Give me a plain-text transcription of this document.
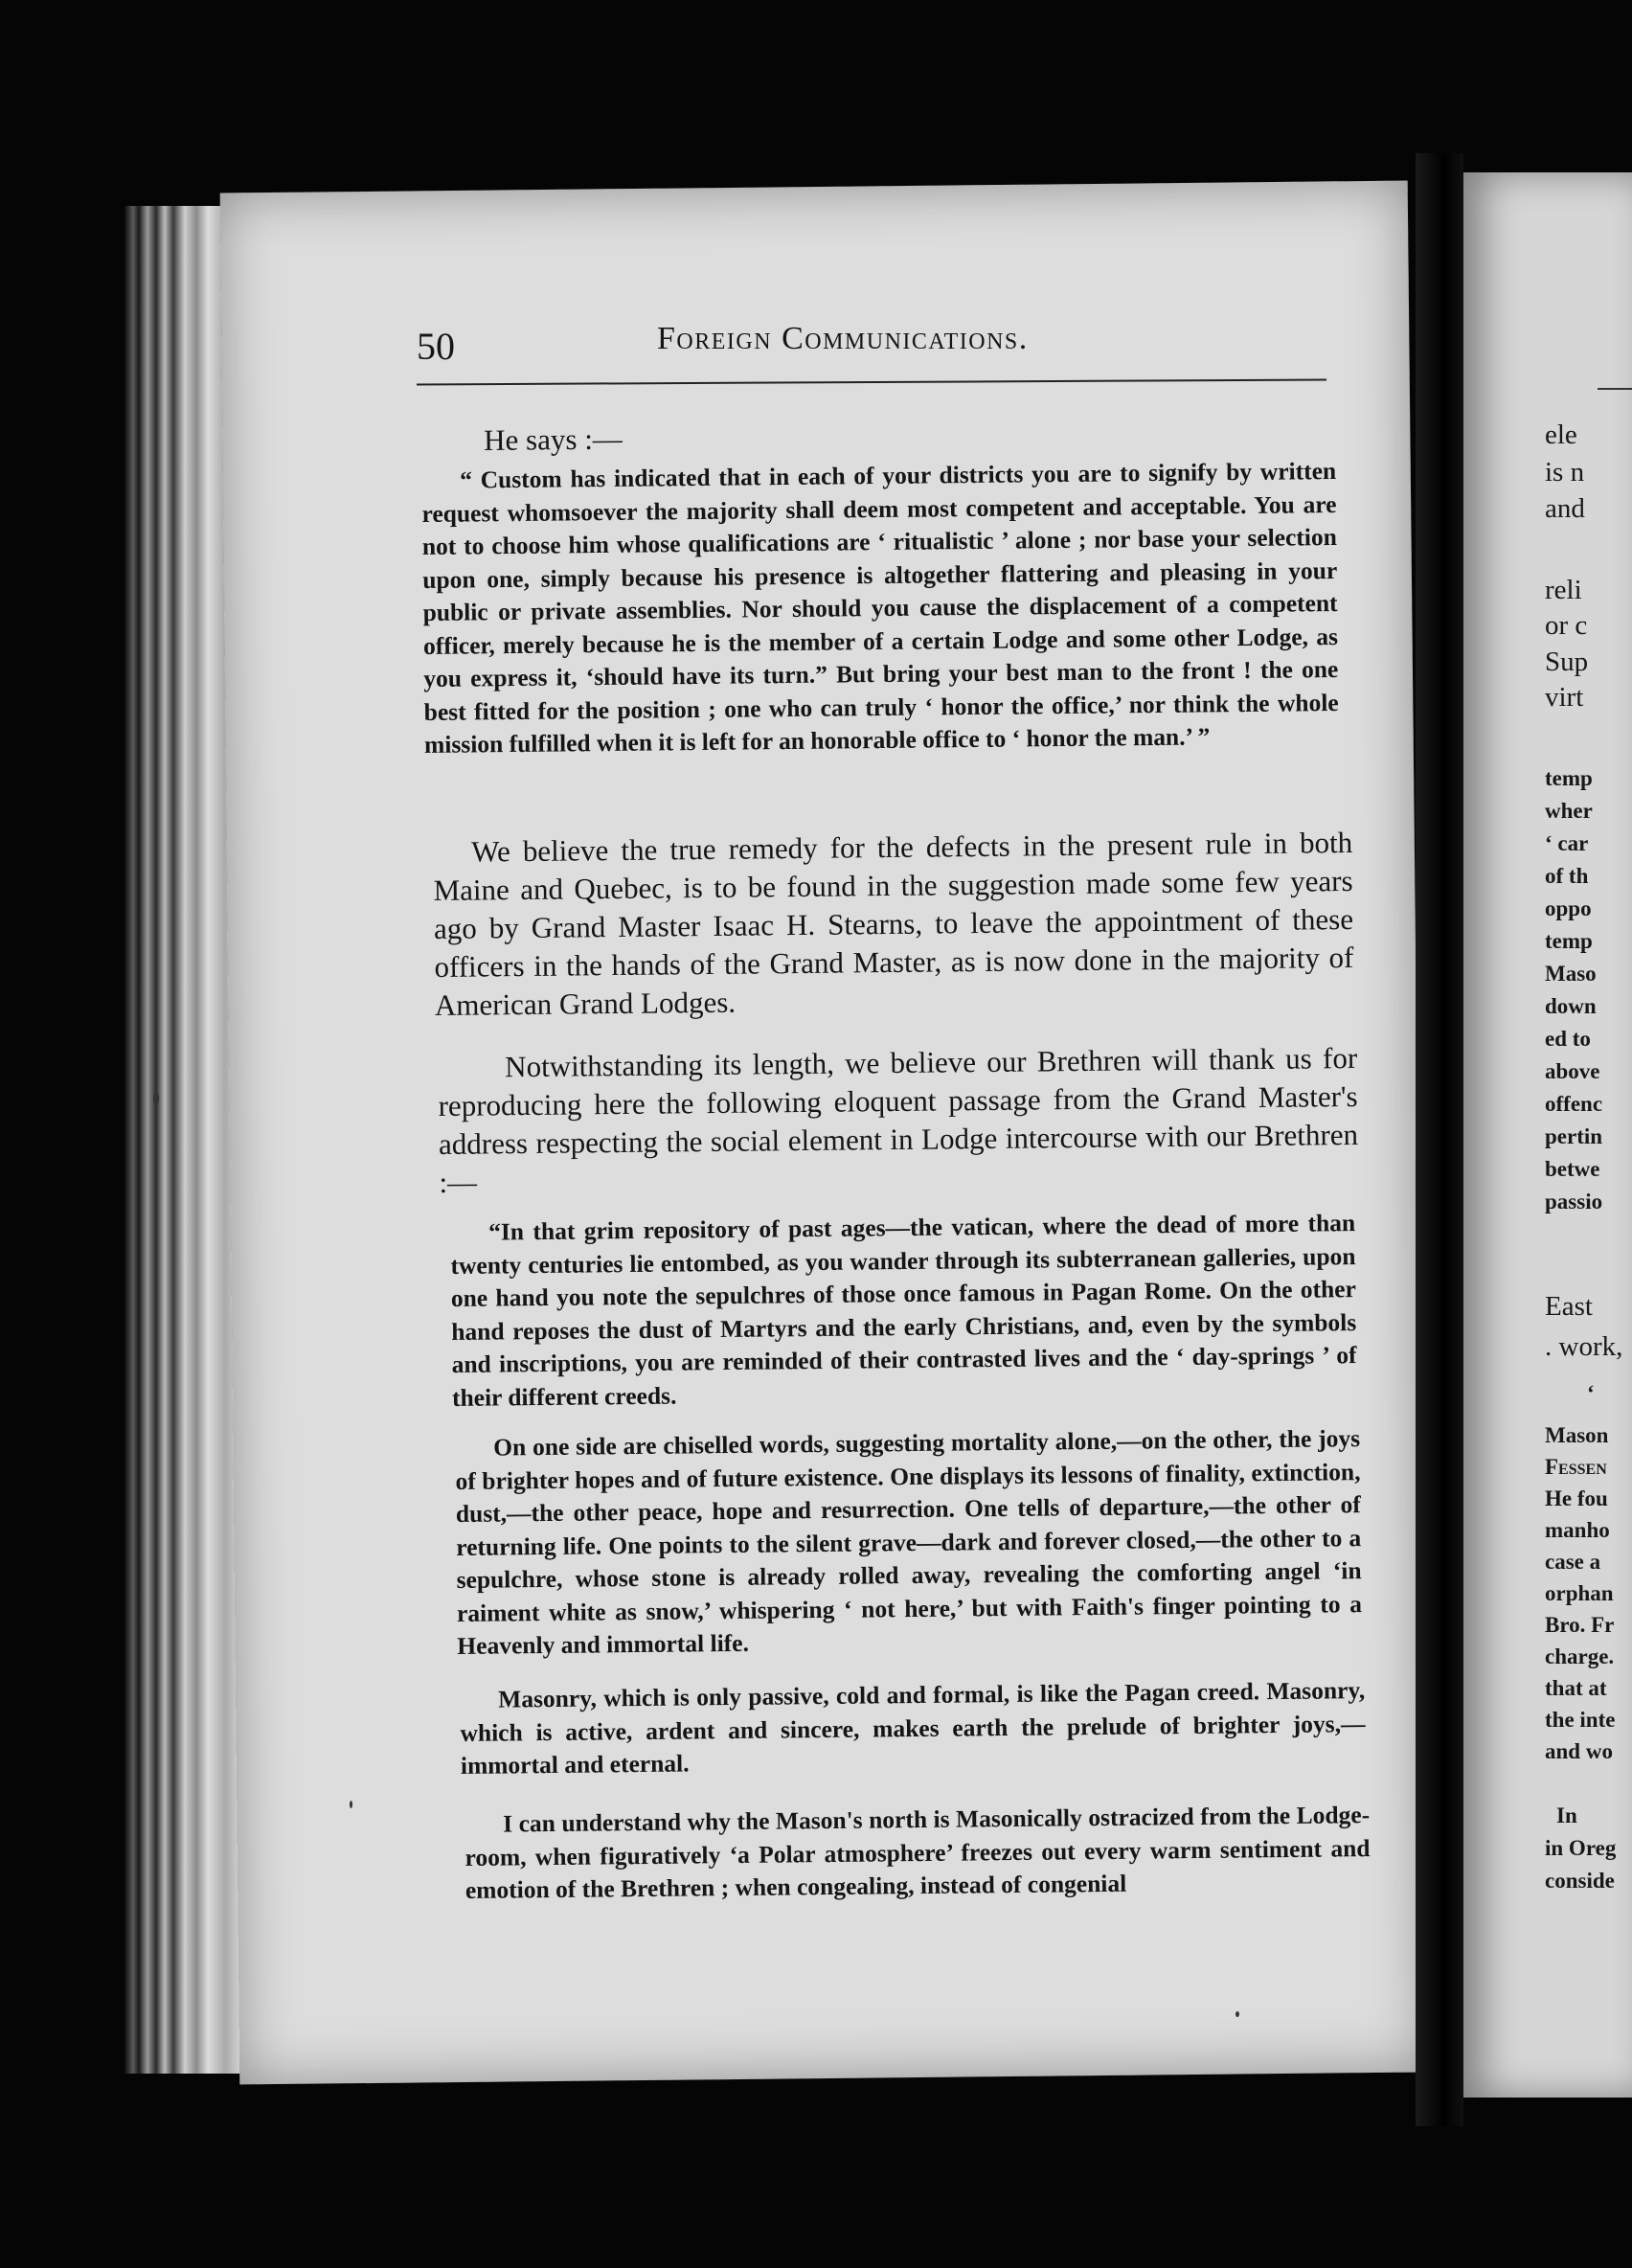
50	Foreign Communications.

He says :—

“ Custom has indicated that in each of your districts you are to signify by written request whomsoever the majority shall deem most competent and acceptable. You are not to choose him whose qualifications are ‘ ritualistic ’ alone ; nor base your selection upon one, simply because his presence is altogether flattering and pleasing in your public or private assemblies. Nor should you cause the displacement of a competent officer, merely because he is the member of a certain Lodge and some other Lodge, as you express it, ‘should have its turn.” But bring your best man to the front ! the one best fitted for the position ; one who can truly ‘ honor the office,’ nor think the whole mission fulfilled when it is left for an honorable office to ‘ honor the man.’ ”

We believe the true remedy for the defects in the present rule in both Maine and Quebec, is to be found in the suggestion made some few years ago by Grand Master Isaac H. Stearns, to leave the appointment of these officers in the hands of the Grand Master, as is now done in the majority of American Grand Lodges.

Notwithstanding its length, we believe our Brethren will thank us for reproducing here the following eloquent passage from the Grand Master's address respecting the social element in Lodge intercourse with our Brethren :—

“In that grim repository of past ages—the vatican, where the dead of more than twenty centuries lie entombed, as you wander through its subterranean galleries, upon one hand you note the sepulchres of those once famous in Pagan Rome. On the other hand reposes the dust of Martyrs and the early Christians, and, even by the symbols and inscriptions, you are reminded of their contrasted lives and the ‘ day-springs ’ of their different creeds.

On one side are chiselled words, suggesting mortality alone,—on the other, the joys of brighter hopes and of future existence. One displays its lessons of finality, extinction, dust,—the other peace, hope and resurrection. One tells of departure,—the other of returning life. One points to the silent grave—dark and forever closed,—the other to a sepulchre, whose stone is already rolled away, revealing the comforting angel ‘in raiment white as snow,’ whispering ‘ not here,’ but with Faith's finger pointing to a Heavenly and immortal life.

Masonry, which is only passive, cold and formal, is like the Pagan creed. Masonry, which is active, ardent and sincere, makes earth the prelude of brighter joys,—immortal and eternal.

I can understand why the Mason's north is Masonically ostracized from the Lodge-room, when figuratively ‘a Polar atmosphere’ freezes out every warm sentiment and emotion of the Brethren ; when congealing, instead of congenial

ele
is n
and
reli
or c
Sup
virt
temp
wher
‘ car
of th
oppo
temp
Maso
down
ed to
above
offenc
pertin
betwe
passio
East
. work,
‘
Mason
Fessen
He fou
manho
case a
orphan
Bro. Fr
charge.
that at
the inte
and wo
In
in Oreg
conside
